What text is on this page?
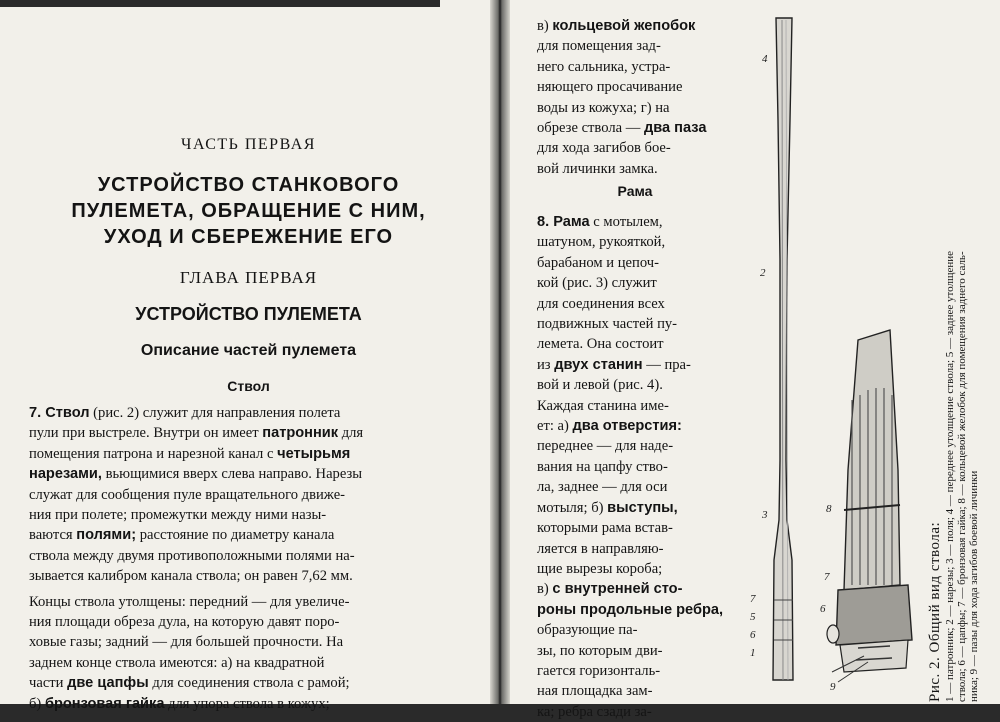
ЧАСТЬ ПЕРВАЯ
УСТРОЙСТВО СТАНКОВОГО
ПУЛЕМЕТА, ОБРАЩЕНИЕ С НИМ,
УХОД И СБЕРЕЖЕНИЕ ЕГО
ГЛАВА ПЕРВАЯ
УСТРОЙСТВО ПУЛЕМЕТА
Описание частей пулемета
Ствол
7. Ствол (рис. 2) служит для направления полета
пули при выстреле. Внутри он имеет патронник для
помещения патрона и нарезной канал с четырьмя
нарезами, вьющимися вверх слева направо. Нарезы
служат для сообщения пуле вращательного движе-
ния при полете; промежутки между ними назы-
ваются полями; расстояние по диаметру канала
ствола между двумя противоположными полями на-
зывается калибром канала ствола; он равен 7,62 мм.
Концы ствола утолщены: передний — для увеличе-
ния площади обреза дула, на которую давят поро-
ховые газы; задний — для большей прочности. На
заднем конце ствола имеются: а) на квадратной
части две цапфы для соединения ствола с рамой;
б) бронзовая гайка для упора ствола в кожух;
в) кольцевой жепобок
для помещения зад-
него сальника, устра-
няющего просачивание
воды из кожуха; г) на
обрезе ствола — два паза
для хода загибов бое-
вой личинки замка.
Рама
8. Рама с мотылем,
шатуном, рукояткой,
барабаном и цепоч-
кой (рис. 3) служит
для соединения всех
подвижных частей пу-
лемета. Она состоит
из двух станин — пра-
вой и левой (рис. 4).
Каждая станина име-
ет: а) два отверстия:
переднее — для наде-
вания на цапфу ство-
ла, заднее — для оси
мотыля; б) выступы,
которыми рама встав-
ляется в направляю-
щие вырезы короба;
в) с внутренней сто-
роны продольные ребра,
образующие па-
зы, по которым дви-
гается горизонталь-
ная площадка зам-
ка; ребра сзади за-
4
2
3
7
5
6
1
8
6
7
9	Рис. 2. Общий вид ствола: 1 — патронник; 2 — нарезы; 3 — поля; 4 — переднее утолщение ствола; 5 — заднее утолщение ствола; 6 — цапфы; 7 — бронзовая гайка; 8 — кольцевой желобок для помещения заднего саль- ника; 9 — пазы для хода загибов боевой личинки
